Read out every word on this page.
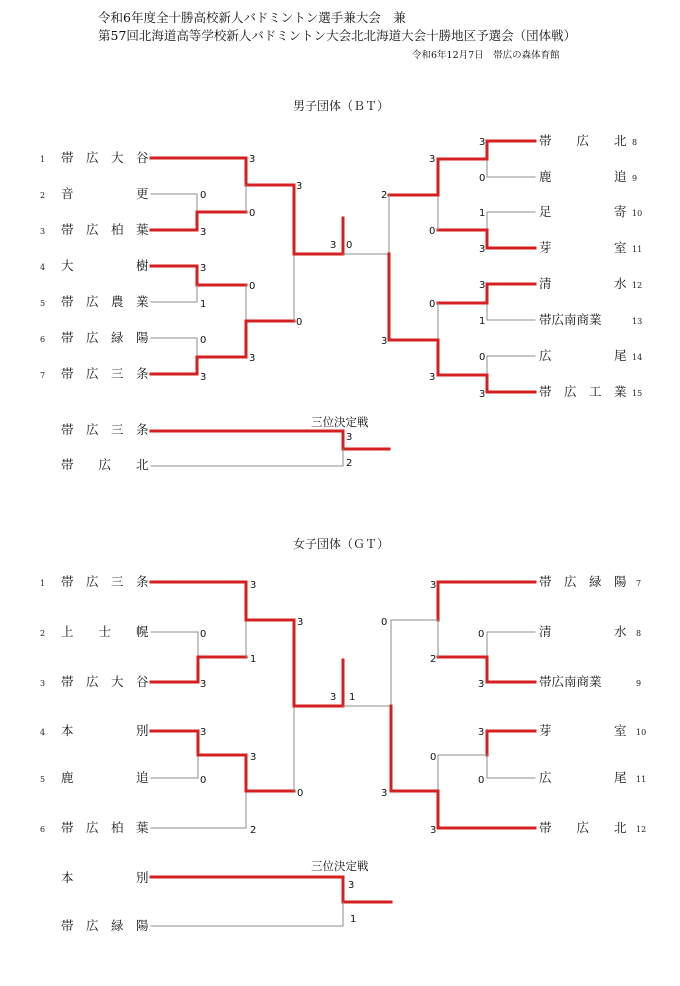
令和6年度全十勝高校新人バドミントン選手兼大会　兼
第57回北海道高等学校新人バドミントン大会北北海道大会十勝地区予選会（団体戦）
令和6年12月7日　帯広の森体育館
男子団体（ＢＴ）
1 帯　広　大　谷
2 音　　　　　更
3 帯　広　柏　葉
4 大　　　　　樹
5 帯　広　農　業
6 帯　広　緑　陽
7 帯　広　三　条
帯　　広　　北 8
鹿　　　　　追 9
足　　　　　寄 10
芽　　　　　室 11
清　　　　　水 12
帯広南商業	13
広　　　　　尾 14
帯　広　工　業 15
0
3
3
1
0
3
3
0
0
3
3
0
3 0
3
0
1
3
3
1
0
3
3
0
0
3
2
3
三位決定戦
帯　広　三　条
帯　　広　　北
3
2
女子団体（ＧＴ）
1 帯　広　三　条
2 上　　士　　幌
3 帯　広　大　谷
4 本　　　　　別
5 鹿　　　　　追
6 帯　広　柏　葉
帯　広　緑　陽 7
清　　　　　水 8
帯広南商業	9
芽　　　　　室 10
広　　　　　尾 11
帯　　広　　北 12
0
3
3
0
3
1
3
2
3
0
3 1
0
3
3
0
3
2
0
3
0
3
三位決定戦
本　　　　　別
帯　広　緑　陽
3
1
